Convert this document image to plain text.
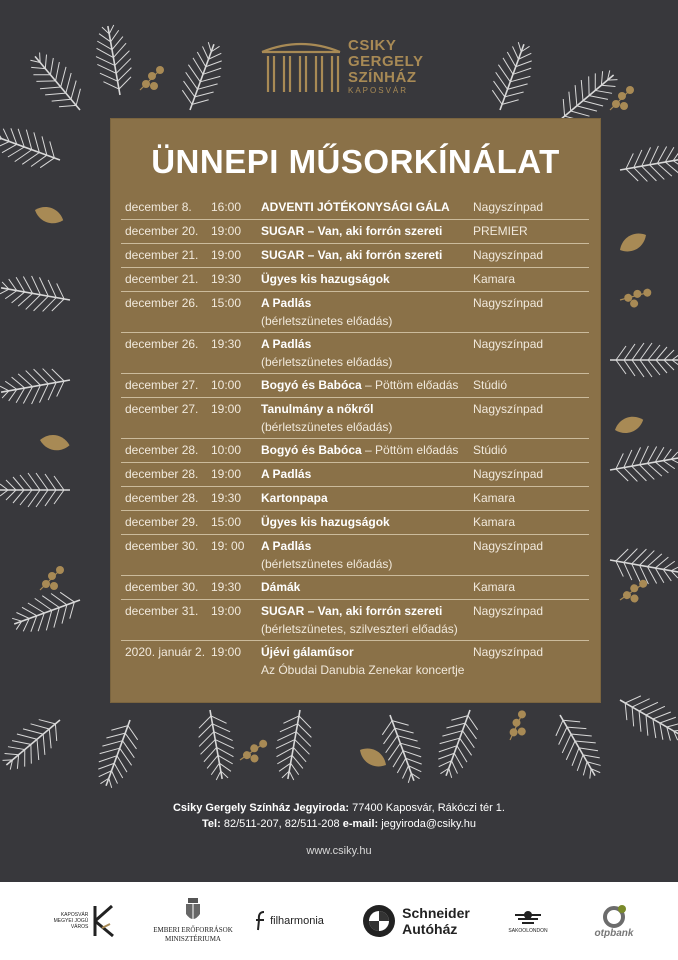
CSIKY
GERGELY
SZÍNHÁZ
KAPOSVÁR
ÜNNEPI MŰSORKÍNÁLAT
december 8. 16:00 ADVENTI JÓTÉKONYSÁGI GÁLA Nagyszínpad
december 20. 19:00 SUGAR – Van, aki forrón szereti	PREMIER
december 21. 19:00 SUGAR – Van, aki forrón szereti	Nagyszínpad
december 21. 19:30 Ügyes kis hazugságok	Kamara
december 26. 15:00 A Padlás
(bérletszünetes előadás)
Nagyszínpad
december 26. 19:30 A Padlás
(bérletszünetes előadás)
Nagyszínpad
december 27. 10:00 Bogyó és Babóca – Pöttöm előadás Stúdió
december 27. 19:00 Tanulmány a nőkről
(bérletszünetes előadás)
Nagyszínpad
december 28. 10:00 Bogyó és Babóca – Pöttöm előadás Stúdió
december 28. 19:00 A Padlás	Nagyszínpad
december 28. 19:30 Kartonpapa	Kamara
december 29. 15:00 Ügyes kis hazugságok	Kamara
december 30. 19: 00 A Padlás
(bérletszünetes előadás)
Nagyszínpad
december 30. 19:30 Dámák	Kamara
december 31. 19:00 SUGAR – Van, aki forrón szereti
(bérletszünetes, szilveszteri előadás)
Nagyszínpad
2020. január 2. 19:00 Újévi gálaműsor
Az Óbudai Danubia Zenekar koncertje
Nagyszínpad
Csiky Gergely Színház Jegyiroda: 77400 Kaposvár, Rákóczi tér 1.
Tel: 82/511-207, 82/511-208 e-mail: jegyiroda@csiky.hu
www.csiky.hu
KAPOSVÁR
MEGYEI JOGÚ
VÁROS	EMBERI ERŐFORRÁSOK
MINISZTÉRIUMA
filharmonia	Schneider
Autóház	SAKOOLONDON	otpbank
